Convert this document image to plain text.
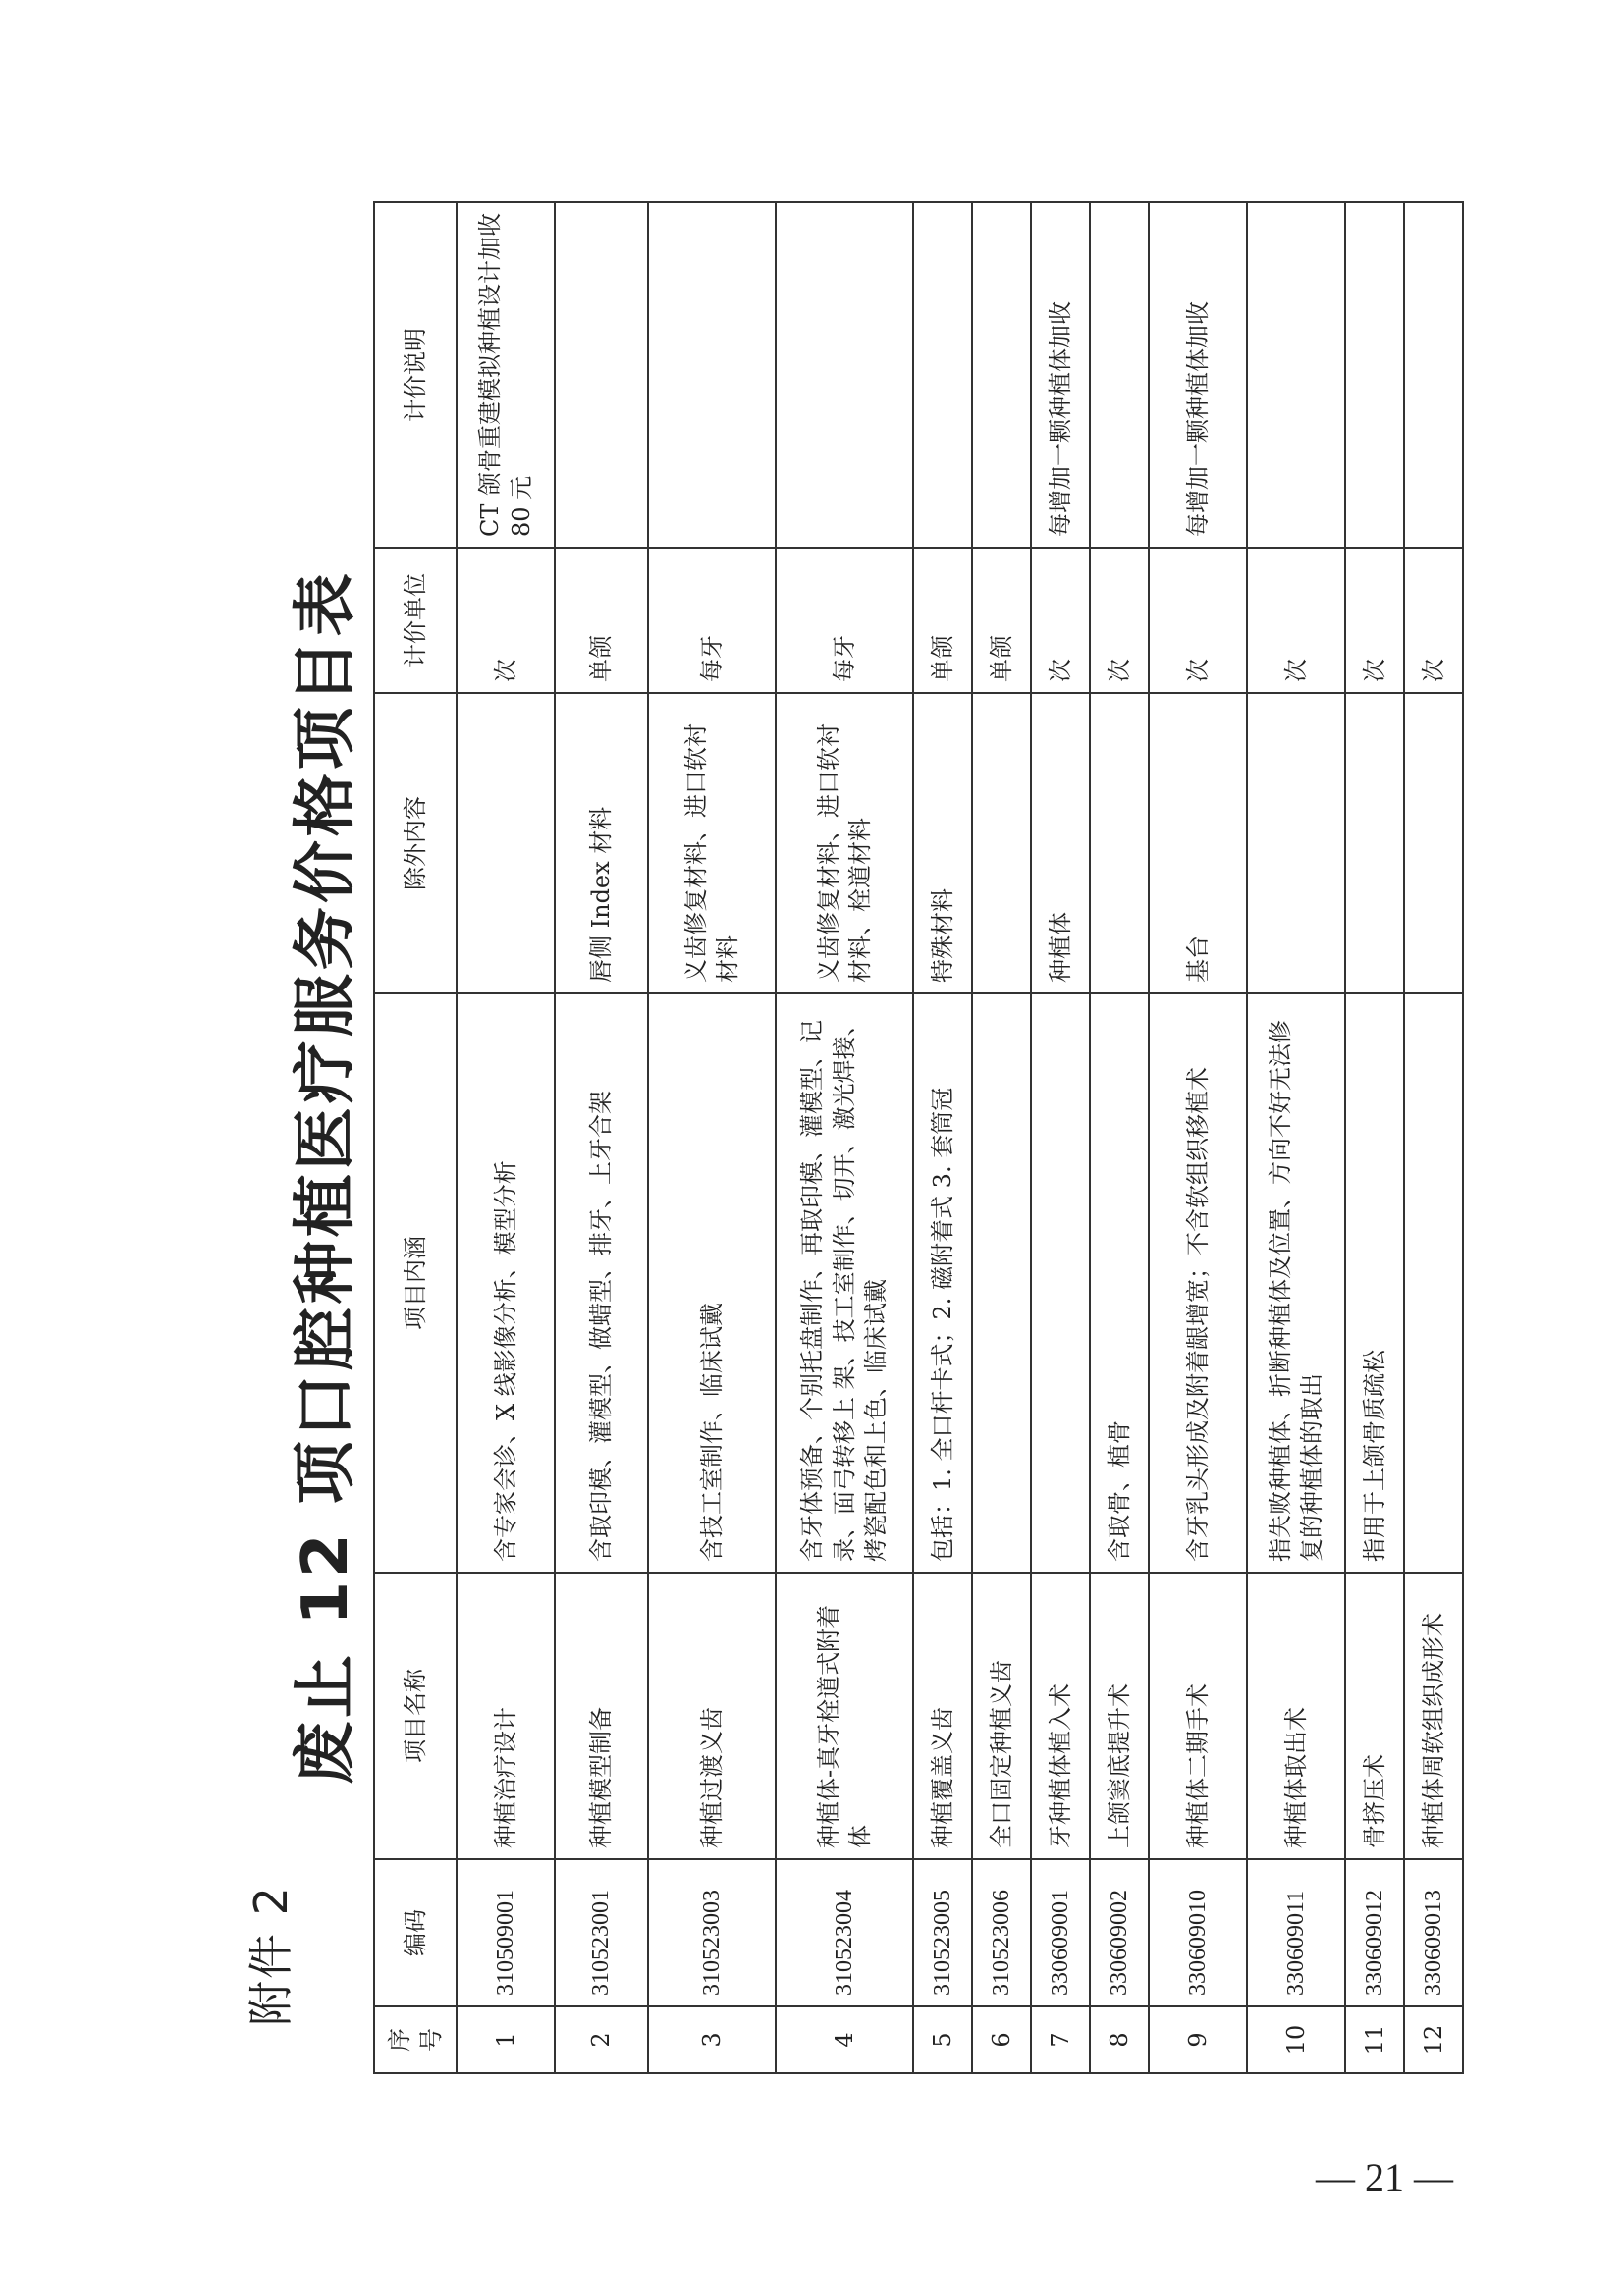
附件 2
废止 12 项口腔种植医疗服务价格项目表
序号	编码	项目名称	项目内涵	除外内容	计价单位	计价说明
1	310509001	种植治疗设计	含专家会诊、X 线影像分析、模型分析		次	CT 颌骨重建模拟种植设计加收 80 元
2	310523001	种植模型制备	含取印模、灌模型、做蜡型、排牙、上牙合架	唇侧 Index 材料	单颌	
3	310523003	种植过渡义齿	含技工室制作、临床试戴	义齿修复材料、进口软衬材料	每牙	
4	310523004	种植体-真牙栓道式附着体	含牙体预备、个别托盘制作、再取印模、灌模型、记录、面弓转移上 架、技工室制作、切开、激光焊接、烤瓷配色和上色、临床试戴	义齿修复材料、进口软衬材料、栓道材料	每牙	
5	310523005	种植覆盖义齿	包括：1. 全口杆卡式；2. 磁附着式 3. 套筒冠	特殊材料	单颌	
6	310523006	全口固定种植义齿			单颌	
7	330609001	牙种植体植入术		种植体	次	每增加一颗种植体加收
8	330609002	上颌窦底提升术	含取骨、植骨		次	
9	330609010	种植体二期手术	含牙乳头形成及附着龈增宽；不含软组织移植术	基台	次	每增加一颗种植体加收
10	330609011	种植体取出术	指失败种植体、折断种植体及位置、方向不好无法修复的种植体的取出		次	
11	330609012	骨挤压术	指用于上颌骨质疏松		次	
12	330609013	种植体周软组织成形术			次	
— 21 —
